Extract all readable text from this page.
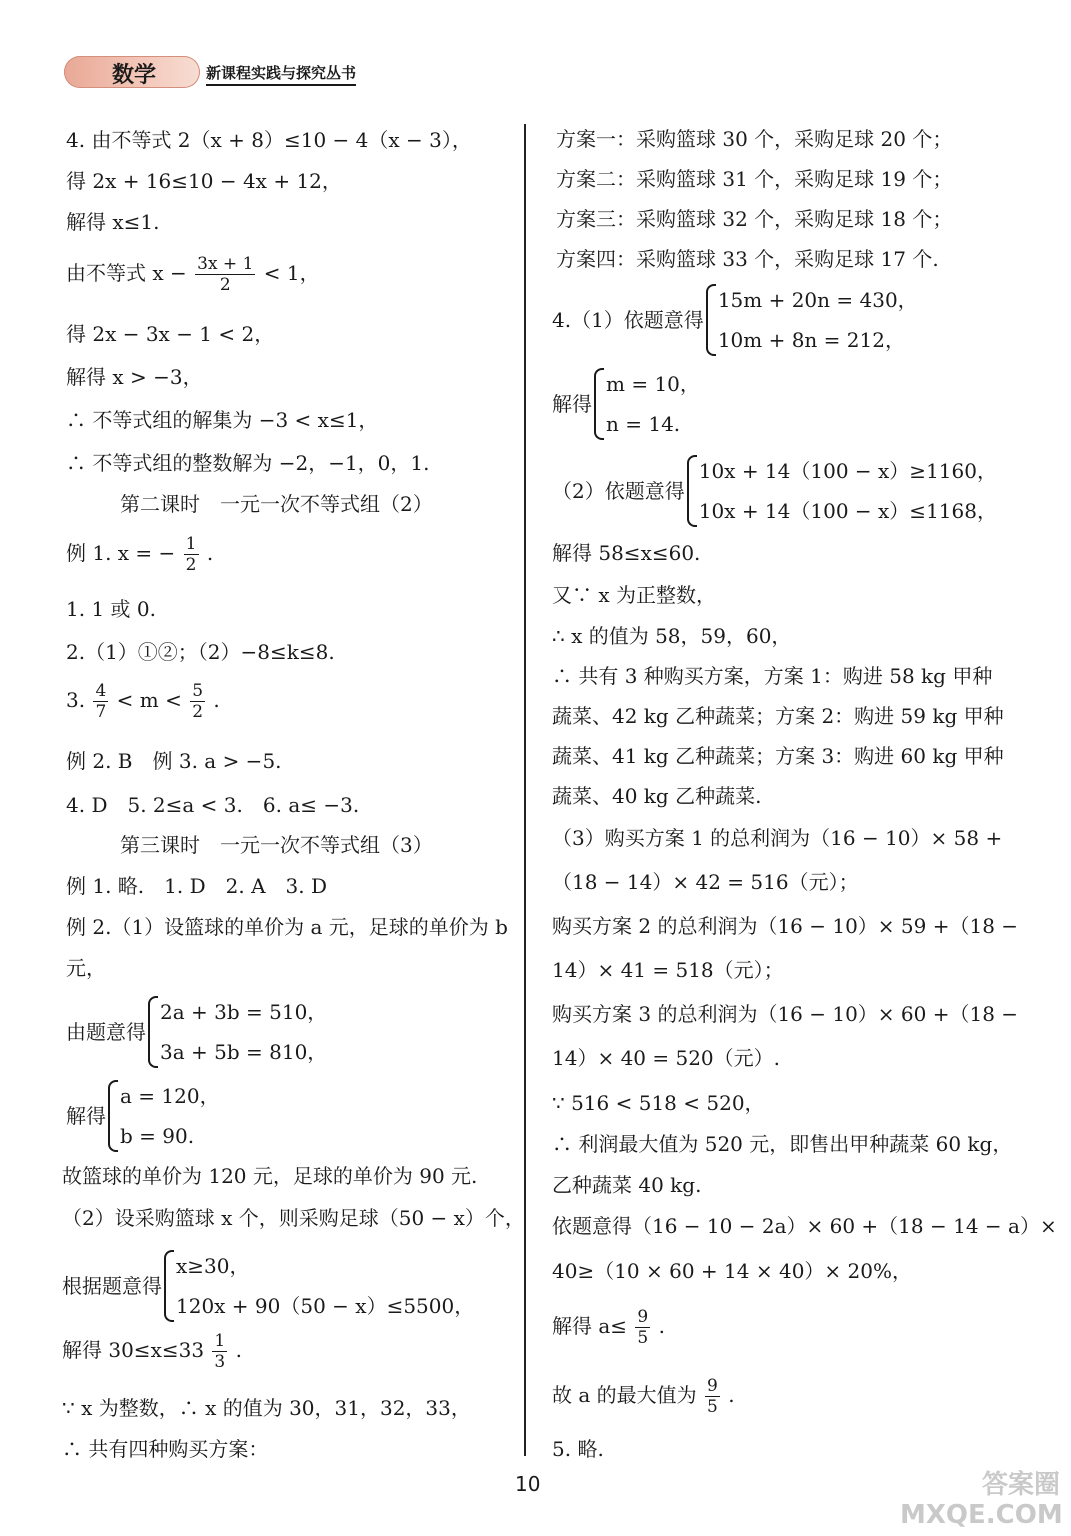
数学	新课程实践与探究丛书
4. 由不等式 2（x + 8）≤10 − 4（x − 3），
得 2x + 16≤10 − 4x + 12，
解得 x≤1.
由不等式 $x - \frac{3x + 1}{2} < 1$，
得 2x − 3x − 1 < 2，
解得 x > −3，
∴ 不等式组的解集为 −3 < x≤1，
∴ 不等式组的整数解为 −2，−1，0，1.
第二课时　一元一次不等式组（2）
例 1. x = − $\frac{1}{2}$ .
1. 1 或 0.
2.（1）①②；（2）−8≤k≤8.
3. $\frac{4}{7} < m < \frac{5}{2}$ .
例 2. B　例 3. a > −5.
4. D　5. 2≤a < 3.　6. a≤ −3.
第三课时　一元一次不等式组（3）
例 1. 略.　1. D　2. A　3. D
例 2.（1）设篮球的单价为 a 元，足球的单价为 b
元，
由题意得
2a + 3b = 510，
3a + 5b = 810，
解得
a = 120，
b = 90.
故篮球的单价为 120 元，足球的单价为 90 元.
（2）设采购篮球 x 个，则采购足球（50 − x）个，
根据题意得
x≥30，
120x + 90（50 − x）≤5500，
解得 $30\le x\le 33 \frac{1}{3}$ .
∵ x 为整数，∴ x 的值为 30，31，32，33，
∴ 共有四种购买方案：
方案一：采购篮球 30 个，采购足球 20 个；
方案二：采购篮球 31 个，采购足球 19 个；
方案三：采购篮球 32 个，采购足球 18 个；
方案四：采购篮球 33 个，采购足球 17 个.
4.（1）依题意得
15m + 20n = 430，
10m + 8n = 212，
解得
m = 10，
n = 14.
（2）依题意得
10x + 14（100 − x）≥1160，
10x + 14（100 − x）≤1168，
解得 58≤x≤60.
又∵ x 为正整数，
∴ x 的值为 58，59，60，
∴ 共有 3 种购买方案，方案 1：购进 58 kg 甲种
蔬菜、42 kg 乙种蔬菜；方案 2：购进 59 kg 甲种
蔬菜、41 kg 乙种蔬菜；方案 3：购进 60 kg 甲种
蔬菜、40 kg 乙种蔬菜.
（3）购买方案 1 的总利润为（16 − 10）× 58 +
（18 − 14）× 42 = 516（元）；
购买方案 2 的总利润为（16 − 10）× 59 +（18 −
14）× 41 = 518（元）；
购买方案 3 的总利润为（16 − 10）× 60 +（18 −
14）× 40 = 520（元）.
∵ 516 < 518 < 520，
∴ 利润最大值为 520 元，即售出甲种蔬菜 60 kg，
乙种蔬菜 40 kg.
依题意得（16 − 10 − 2a）× 60 +（18 − 14 − a）×
40≥（10 × 60 + 14 × 40）× 20%，
解得 $a\le \frac{9}{5}$ .
故 a 的最大值为 $\frac{9}{5}$ .
5. 略.
10	答案圈 MXQE.COM
